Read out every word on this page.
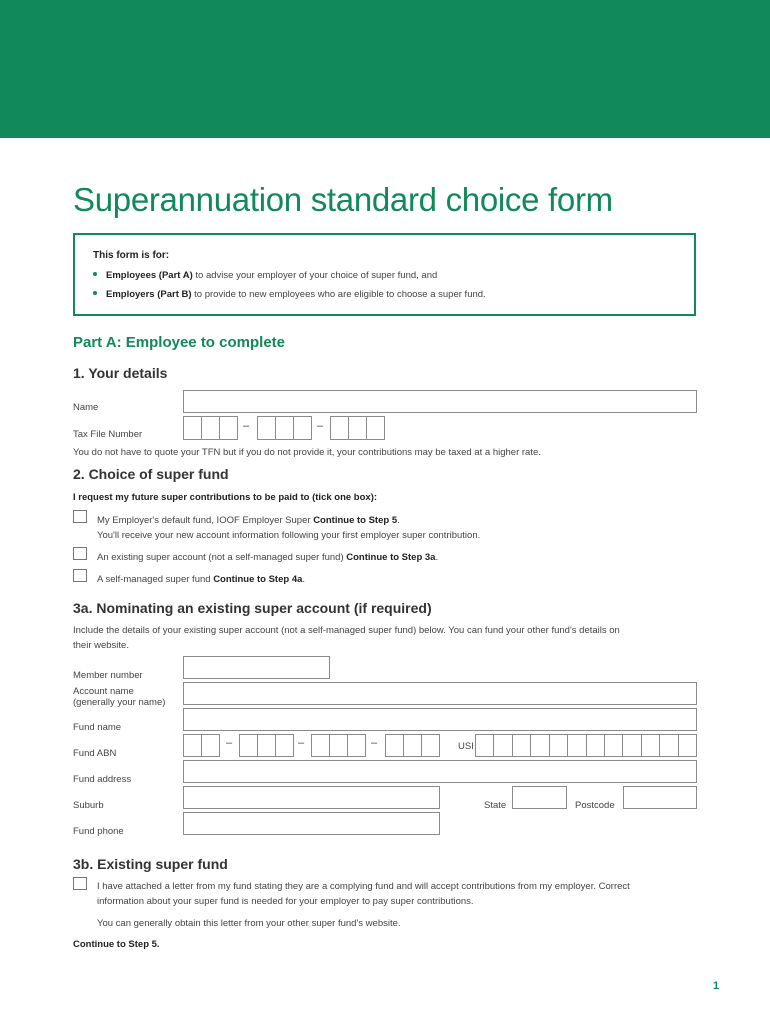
Superannuation standard choice form
This form is for:
Employees (Part A) to advise your employer of your choice of super fund, and
Employers (Part B) to provide to new employees who are eligible to choose a super fund.
Part A: Employee to complete
1. Your details
Name
Tax File Number
–	–
You do not have to quote your TFN but if you do not provide it, your contributions may be taxed at a higher rate.
2. Choice of super fund
I request my future super contributions to be paid to (tick one box):
My Employer's default fund, IOOF Employer Super Continue to Step 5.
You'll receive your new account information following your first employer super contribution.
An existing super account (not a self-managed super fund) Continue to Step 3a.
A self-managed super fund Continue to Step 4a.
3a. Nominating an existing super account (if required)
Include the details of your existing super account (not a self-managed super fund) below. You can fund your other fund's details on
their website.
Member number
Account name
(generally your name)
Fund name
Fund ABN
–	–	–	USI
Fund address
Suburb	State	Postcode
Fund phone
3b. Existing super fund
I have attached a letter from my fund stating they are a complying fund and will accept contributions from my employer. Correct
information about your super fund is needed for your employer to pay super contributions.
You can generally obtain this letter from your other super fund's website.
Continue to Step 5.
1
